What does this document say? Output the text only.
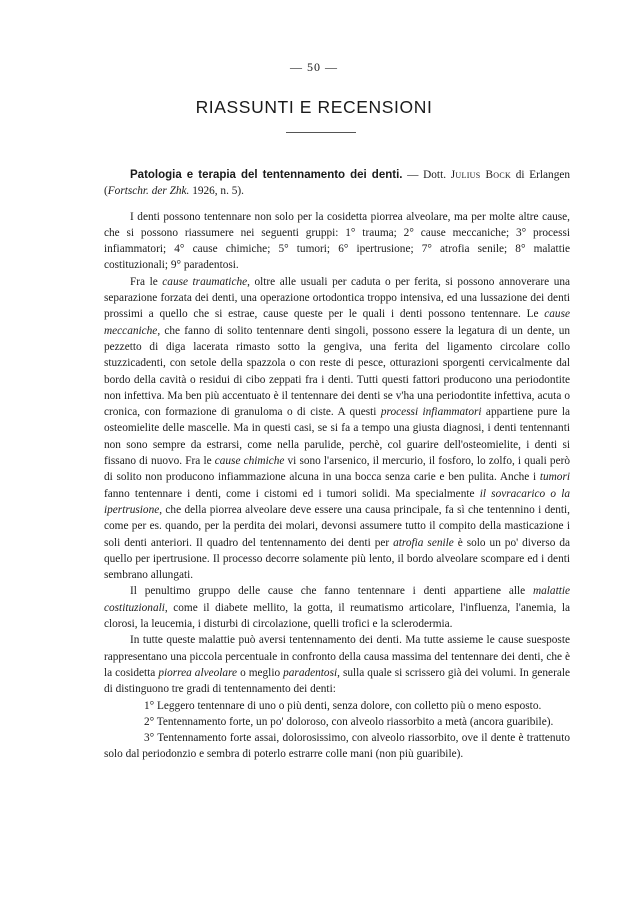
— 50 —
RIASSUNTI E RECENSIONI

Patologia e terapia del tentennamento dei denti. — Dott. Julius Bock di Erlangen (Fortschr. der Zhk. 1926, n. 5).

I denti possono tentennare non solo per la cosidetta piorrea alveolare, ma per molte altre cause, che si possono riassumere nei seguenti gruppi: 1° trauma; 2° cause meccaniche; 3° processi infiammatori; 4° cause chimiche; 5° tumori; 6° ipertrusione; 7° atrofia senile; 8° malattie costituzionali; 9° paradentosi.

Fra le cause traumatiche, oltre alle usuali per caduta o per ferita, si possono annoverare una separazione forzata dei denti, una operazione ortodontica troppo intensiva, ed una lussazione dei denti prossimi a quello che si estrae, cause queste per le quali i denti possono tentennare. Le cause meccaniche, che fanno di solito tentennare denti singoli, possono essere la legatura di un dente, un pezzetto di diga lacerata rimasto sotto la gengiva, una ferita del ligamento circolare collo stuzzicadenti, con setole della spazzola o con reste di pesce, otturazioni sporgenti cervicalmente dal bordo della cavità o residui di cibo zeppati fra i denti. Tutti questi fattori producono una periodontite non infettiva. Ma ben più accentuato è il tentennare dei denti se v'ha una periodontite infettiva, acuta o cronica, con formazione di granuloma o di ciste. A questi processi infiammatori appartiene pure la osteomielite delle mascelle. Ma in questi casi, se si fa a tempo una giusta diagnosi, i denti tentennanti non sono sempre da estrarsi, come nella parulide, perchè, col guarire dell'osteomielite, i denti si fissano di nuovo. Fra le cause chimiche vi sono l'arsenico, il mercurio, il fosforo, lo zolfo, i quali però di solito non producono infiammazione alcuna in una bocca senza carie e ben pulita. Anche i tumori fanno tentennare i denti, come i cistomi ed i tumori solidi. Ma specialmente il sovracarico o la ipertrusione, che della piorrea alveolare deve essere una causa principale, fa sì che tentennino i denti, come per es. quando, per la perdita dei molari, devonsi assumere tutto il compito della masticazione i soli denti anteriori. Il quadro del tentennamento dei denti per atrofia senile è solo un po' diverso da quello per ipertrusione. Il processo decorre solamente più lento, il bordo alveolare scompare ed i denti sembrano allungati.

Il penultimo gruppo delle cause che fanno tentennare i denti appartiene alle malattie costituzionali, come il diabete mellito, la gotta, il reumatismo articolare, l'influenza, l'anemia, la clorosi, la leucemia, i disturbi di circolazione, quelli trofici e la sclerodermia.

In tutte queste malattie può aversi tentennamento dei denti. Ma tutte assieme le cause suesposte rappresentano una piccola percentuale in confronto della causa massima del tentennare dei denti, che è la cosidetta piorrea alveolare o meglio paradentosi, sulla quale si scrissero già dei volumi. In generale di distinguono tre gradi di tentennamento dei denti:

1° Leggero tentennare di uno o più denti, senza dolore, con colletto più o meno esposto.

2° Tentennamento forte, un po' doloroso, con alveolo riassorbito a metà (ancora guaribile).

3° Tentennamento forte assai, dolorosissimo, con alveolo riassorbito, ove il dente è trattenuto solo dal periodonzio e sembra di poterlo estrarre colle mani (non più guaribile).
